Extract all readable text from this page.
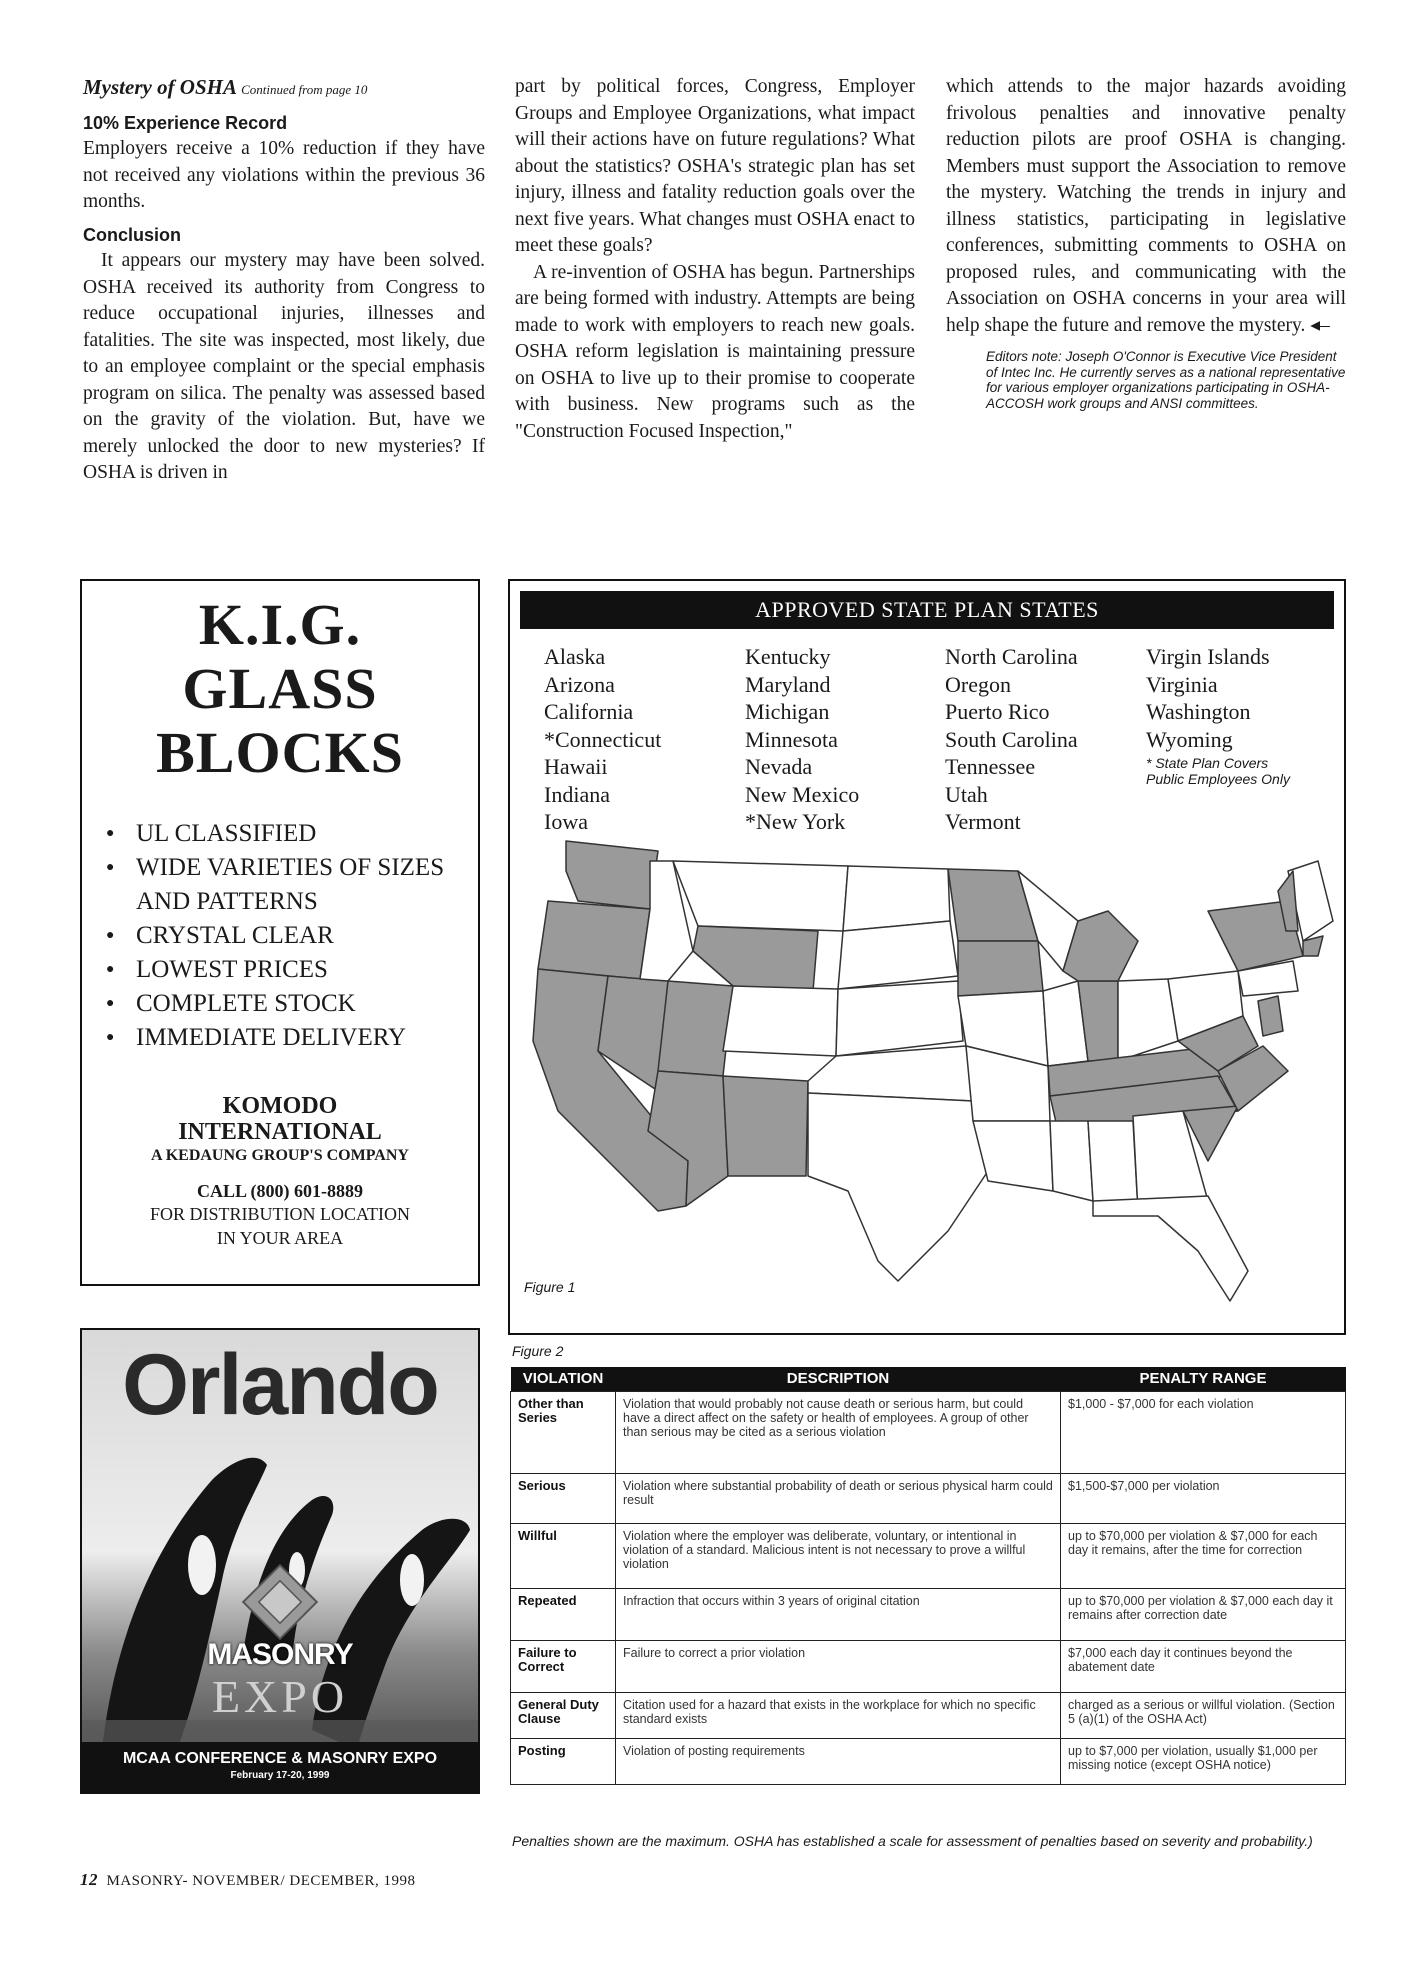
Mystery of OSHA Continued from page 10
10% Experience Record

Employers receive a 10% reduction if they have not received any violations within the previous 36 months.

Conclusion

It appears our mystery may have been solved. OSHA received its authority from Congress to reduce occupational injuries, illnesses and fatalities. The site was inspected, most likely, due to an employee complaint or the special emphasis program on silica. The penalty was assessed based on the gravity of the violation. But, have we merely unlocked the door to new mysteries? If OSHA is driven in

part by political forces, Congress, Employer Groups and Employee Organizations, what impact will their actions have on future regulations? What about the statistics? OSHA's strategic plan has set injury, illness and fatality reduction goals over the next five years. What changes must OSHA enact to meet these goals?

A re-invention of OSHA has begun. Partnerships are being formed with industry. Attempts are being made to work with employers to reach new goals. OSHA reform legislation is maintaining pressure on OSHA to live up to their promise to cooperate with business. New programs such as the "Construction Focused Inspection,"

which attends to the major hazards avoiding frivolous penalties and innovative penalty reduction pilots are proof OSHA is changing. Members must support the Association to remove the mystery. Watching the trends in injury and illness statistics, participating in legislative conferences, submitting comments to OSHA on proposed rules, and communicating with the Association on OSHA concerns in your area will help shape the future and remove the mystery. ◂–

Editors note: Joseph O'Connor is Executive Vice President of Intec Inc. He currently serves as a national representative for various employer organizations participating in OSHA-ACCOSH work groups and ANSI committees.
K.I.G.
GLASS
BLOCKS
● UL CLASSIFIED
● WIDE VARIETIES OF SIZES AND PATTERNS
● CRYSTAL CLEAR
● LOWEST PRICES
● COMPLETE STOCK
● IMMEDIATE DELIVERY
KOMODO
INTERNATIONAL
A KEDAUNG GROUP'S COMPANY
CALL (800) 601-8889
FOR DISTRIBUTION LOCATION
IN YOUR AREA
Orlando
MASONRY
EXPO
MCAA CONFERENCE & MASONRY EXPO
February 17-20, 1999
APPROVED STATE PLAN STATES
Alaska
Arizona
California
*Connecticut
Hawaii
Indiana
Iowa
Kentucky
Maryland
Michigan
Minnesota
Nevada
New Mexico
*New York
North Carolina
Oregon
Puerto Rico
South Carolina
Tennessee
Utah
Vermont
Virgin Islands
Virginia
Washington
Wyoming
* State Plan Covers Public Employees Only
Figure 1
Figure 2
VIOLATION	DESCRIPTION	PENALTY RANGE
Other than Series	Violation that would probably not cause death or serious harm, but could have a direct affect on the safety or health of employees. A group of other than serious may be cited as a serious violation	$1,000 - $7,000 for each violation
Serious	Violation where substantial probability of death or serious physical harm could result	$1,500-$7,000 per violation
Willful	Violation where the employer was deliberate, voluntary, or intentional in violation of a standard. Malicious intent is not necessary to prove a willful violation	up to $70,000 per violation & $7,000 for each day it remains, after the time for correction
Repeated	Infraction that occurs within 3 years of original citation	up to $70,000 per violation & $7,000 each day it remains after correction date
Failure to Correct	Failure to correct a prior violation	$7,000 each day it continues beyond the abatement date
General Duty Clause	Citation used for a hazard that exists in the workplace for which no specific standard exists	charged as a serious or willful violation. (Section 5 (a)(1) of the OSHA Act)
Posting	Violation of posting requirements	up to $7,000 per violation, usually $1,000 per missing notice (except OSHA notice)
Penalties shown are the maximum. OSHA has established a scale for assessment of penalties based on severity and probability.)
12 MASONRY- NOVEMBER/ DECEMBER, 1998
